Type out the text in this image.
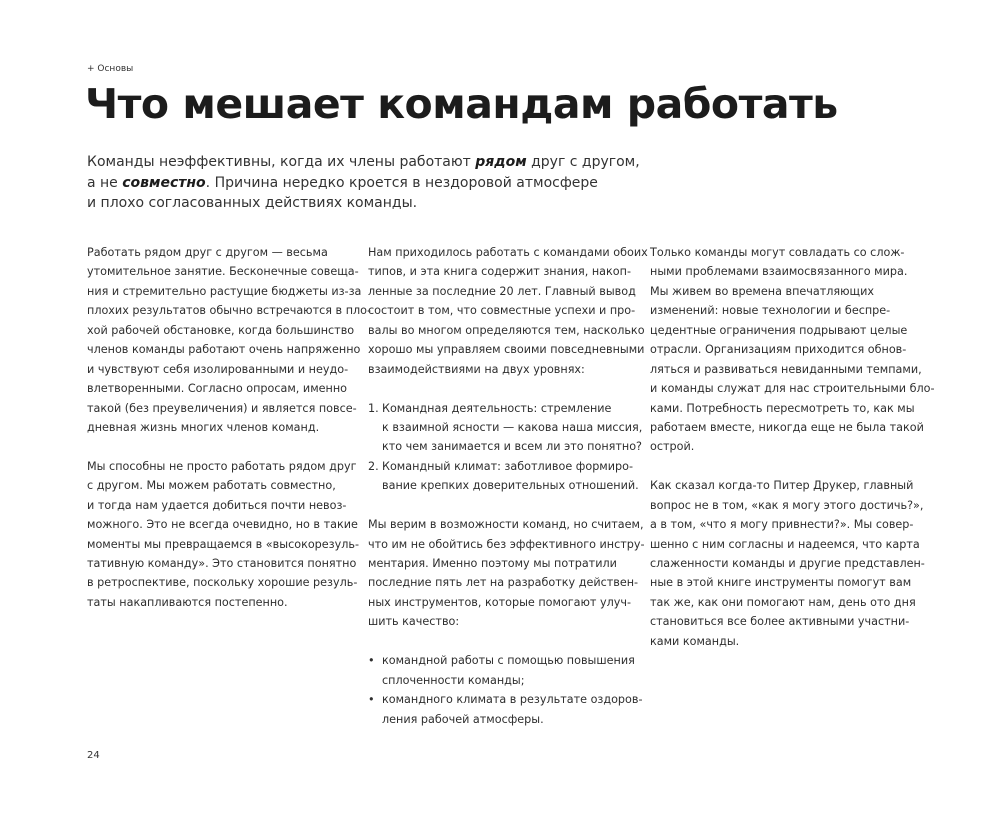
+ Основы
Что мешает командам работать
Команды неэффективны, когда их члены работают рядом друг с другом,
а не совместно. Причина нередко кроется в нездоровой атмосфере
и плохо согласованных действиях команды.
Работать рядом друг с другом — весьма
утомительное занятие. Бесконечные совеща-
ния и стремительно растущие бюджеты из-за
плохих результатов обычно встречаются в пло-
хой рабочей обстановке, когда большинство
членов команды работают очень напряженно
и чувствуют себя изолированными и неудо-
влетворенными. Согласно опросам, именно
такой (без преувеличения) и является повсе-
дневная жизнь многих членов команд.
Мы способны не просто работать рядом друг
с другом. Мы можем работать совместно,
и тогда нам удается добиться почти невоз-
можного. Это не всегда очевидно, но в такие
моменты мы превращаемся в «высокорезуль-
тативную команду». Это становится понятно
в ретроспективе, поскольку хорошие резуль-
таты накапливаются постепенно.
Нам приходилось работать с командами обоих
типов, и эта книга содержит знания, накоп-
ленные за последние 20 лет. Главный вывод
состоит в том, что совместные успехи и про-
валы во многом определяются тем, насколько
хорошо мы управляем своими повседневными
взаимодействиями на двух уровнях:
1. Командная деятельность: стремление
к взаимной ясности — какова наша миссия,
кто чем занимается и всем ли это понятно?
2. Командный климат: заботливое формиро-
вание крепких доверительных отношений.
Мы верим в возможности команд, но считаем,
что им не обойтись без эффективного инстру-
ментария. Именно поэтому мы потратили
последние пять лет на разработку действен-
ных инструментов, которые помогают улуч-
шить качество:
• командной работы с помощью повышения
сплоченности команды;
• командного климата в результате оздоров-
ления рабочей атмосферы.
Только команды могут совладать со слож-
ными проблемами взаимосвязанного мира.
Мы живем во времена впечатляющих
изменений: новые технологии и беспре-
цедентные ограничения подрывают целые
отрасли. Организациям приходится обнов-
ляться и развиваться невиданными темпами,
и команды служат для нас строительными бло-
ками. Потребность пересмотреть то, как мы
работаем вместе, никогда еще не была такой
острой.
Как сказал когда-то Питер Друкер, главный
вопрос не в том, «как я могу этого достичь?»,
а в том, «что я могу привнести?». Мы совер-
шенно с ним согласны и надеемся, что карта
слаженности команды и другие представлен-
ные в этой книге инструменты помогут вам
так же, как они помогают нам, день ото дня
становиться все более активными участни-
ками команды.
24
